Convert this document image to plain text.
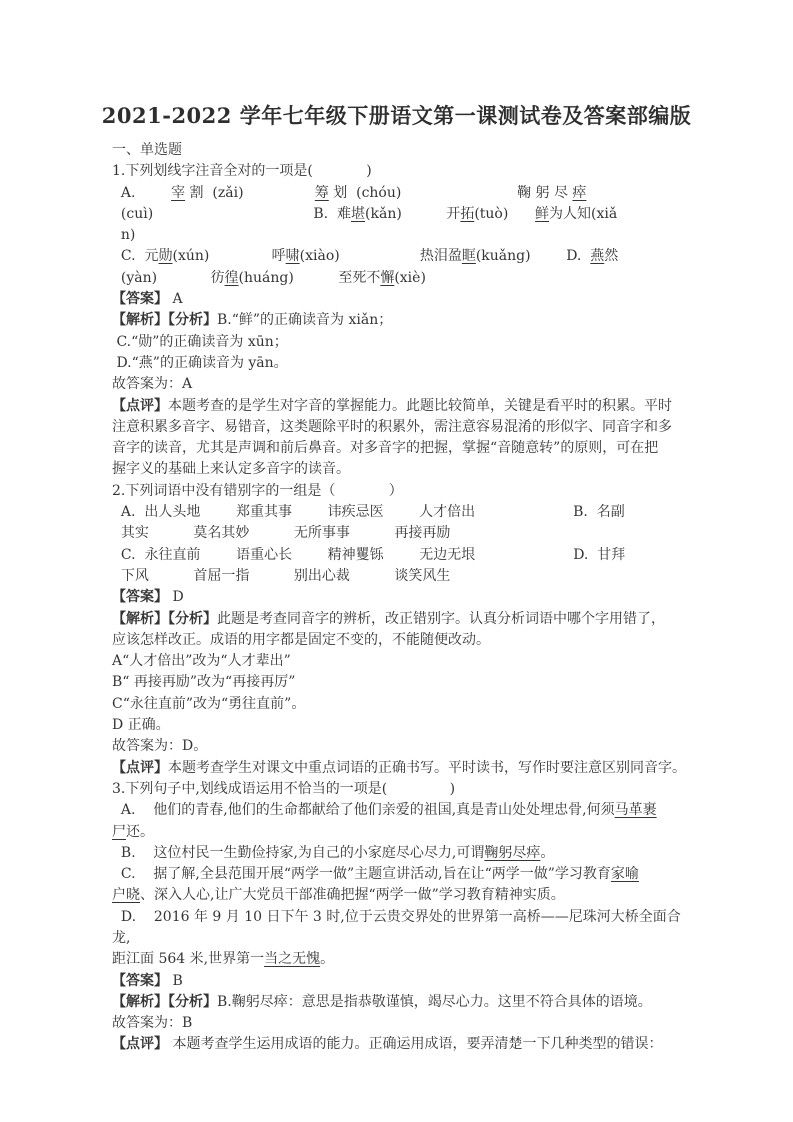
2021-2022 学年七年级下册语文第一课测试卷及答案部编版
一、单选题
1.下列划线字注音全对的一项是(            )
A.        宰 割  (zǎi)	筹 划  (chóu)	鞠 躬 尽 瘁
(cuì)	B.  难堪(kǎn)	开拓(tuò) 鲜为人知(xiǎ
n)
C.  元勋(xún)	呼啸(xiào)	热泪盈眶(kuǎng)	D.  燕然
(yàn)	彷徨(huáng)	至死不懈(xiè)
【答案】 A
【解析】【分析】B.“鲜”的正确读音为 xiǎn；
C.“勋”的正确读音为 xūn；
D.“燕”的正确读音为 yān。
故答案为：A
【点评】本题考查的是学生对字音的掌握能力。此题比较简单，关键是看平时的积累。平时
注意积累多音字、易错音，这类题除平时的积累外，需注意容易混淆的形似字、同音字和多
音字的读音，尤其是声调和前后鼻音。对多音字的把握，掌握“音随意转”的原则，可在把
握字义的基础上来认定多音字的读音。
2.下列词语中没有错别字的一组是（            ）
A.  出人头地        郑重其事        讳疾忌医        人才倍出	B.  名副
其实          莫名其妙          无所事事          再接再励
C.  永往直前        语重心长        精神矍铄        无边无垠	D.  甘拜
下风          首屈一指          别出心裁          谈笑风生
【答案】 D
【解析】【分析】此题是考查同音字的辨析，改正错别字。认真分析词语中哪个字用错了，
应该怎样改正。成语的用字都是固定不变的，不能随便改动。
A“人才倍出”改为“人才辈出”
B“ 再接再励”改为“再接再厉”
C“永往直前”改为“勇往直前”。
D 正确。
故答案为：D。
【点评】本题考查学生对课文中重点词语的正确书写。平时读书，写作时要注意区别同音字。
3.下列句子中,划线成语运用不恰当的一项是(              )
A.    他们的青春,他们的生命都献给了他们亲爱的祖国,真是青山处处埋忠骨,何须马革裹
尸还。
B.    这位村民一生勤俭持家,为自己的小家庭尽心尽力,可谓鞠躬尽瘁。
C.    据了解,全县范围开展“两学一做”主题宣讲活动,旨在让“两学一做”学习教育家喻
户晓、深入人心,让广大党员干部准确把握“两学一做”学习教育精神实质。
D.    2016 年 9 月 10 日下午 3 时,位于云贵交界处的世界第一高桥——尼珠河大桥全面合龙,
距江面 564 米,世界第一当之无愧。
【答案】 B
【解析】【分析】B.鞠躬尽瘁：意思是指恭敬谨慎，竭尽心力。这里不符合具体的语境。
故答案为：B
【点评】 本题考查学生运用成语的能力。正确运用成语，要弄清楚一下几种类型的错误：
